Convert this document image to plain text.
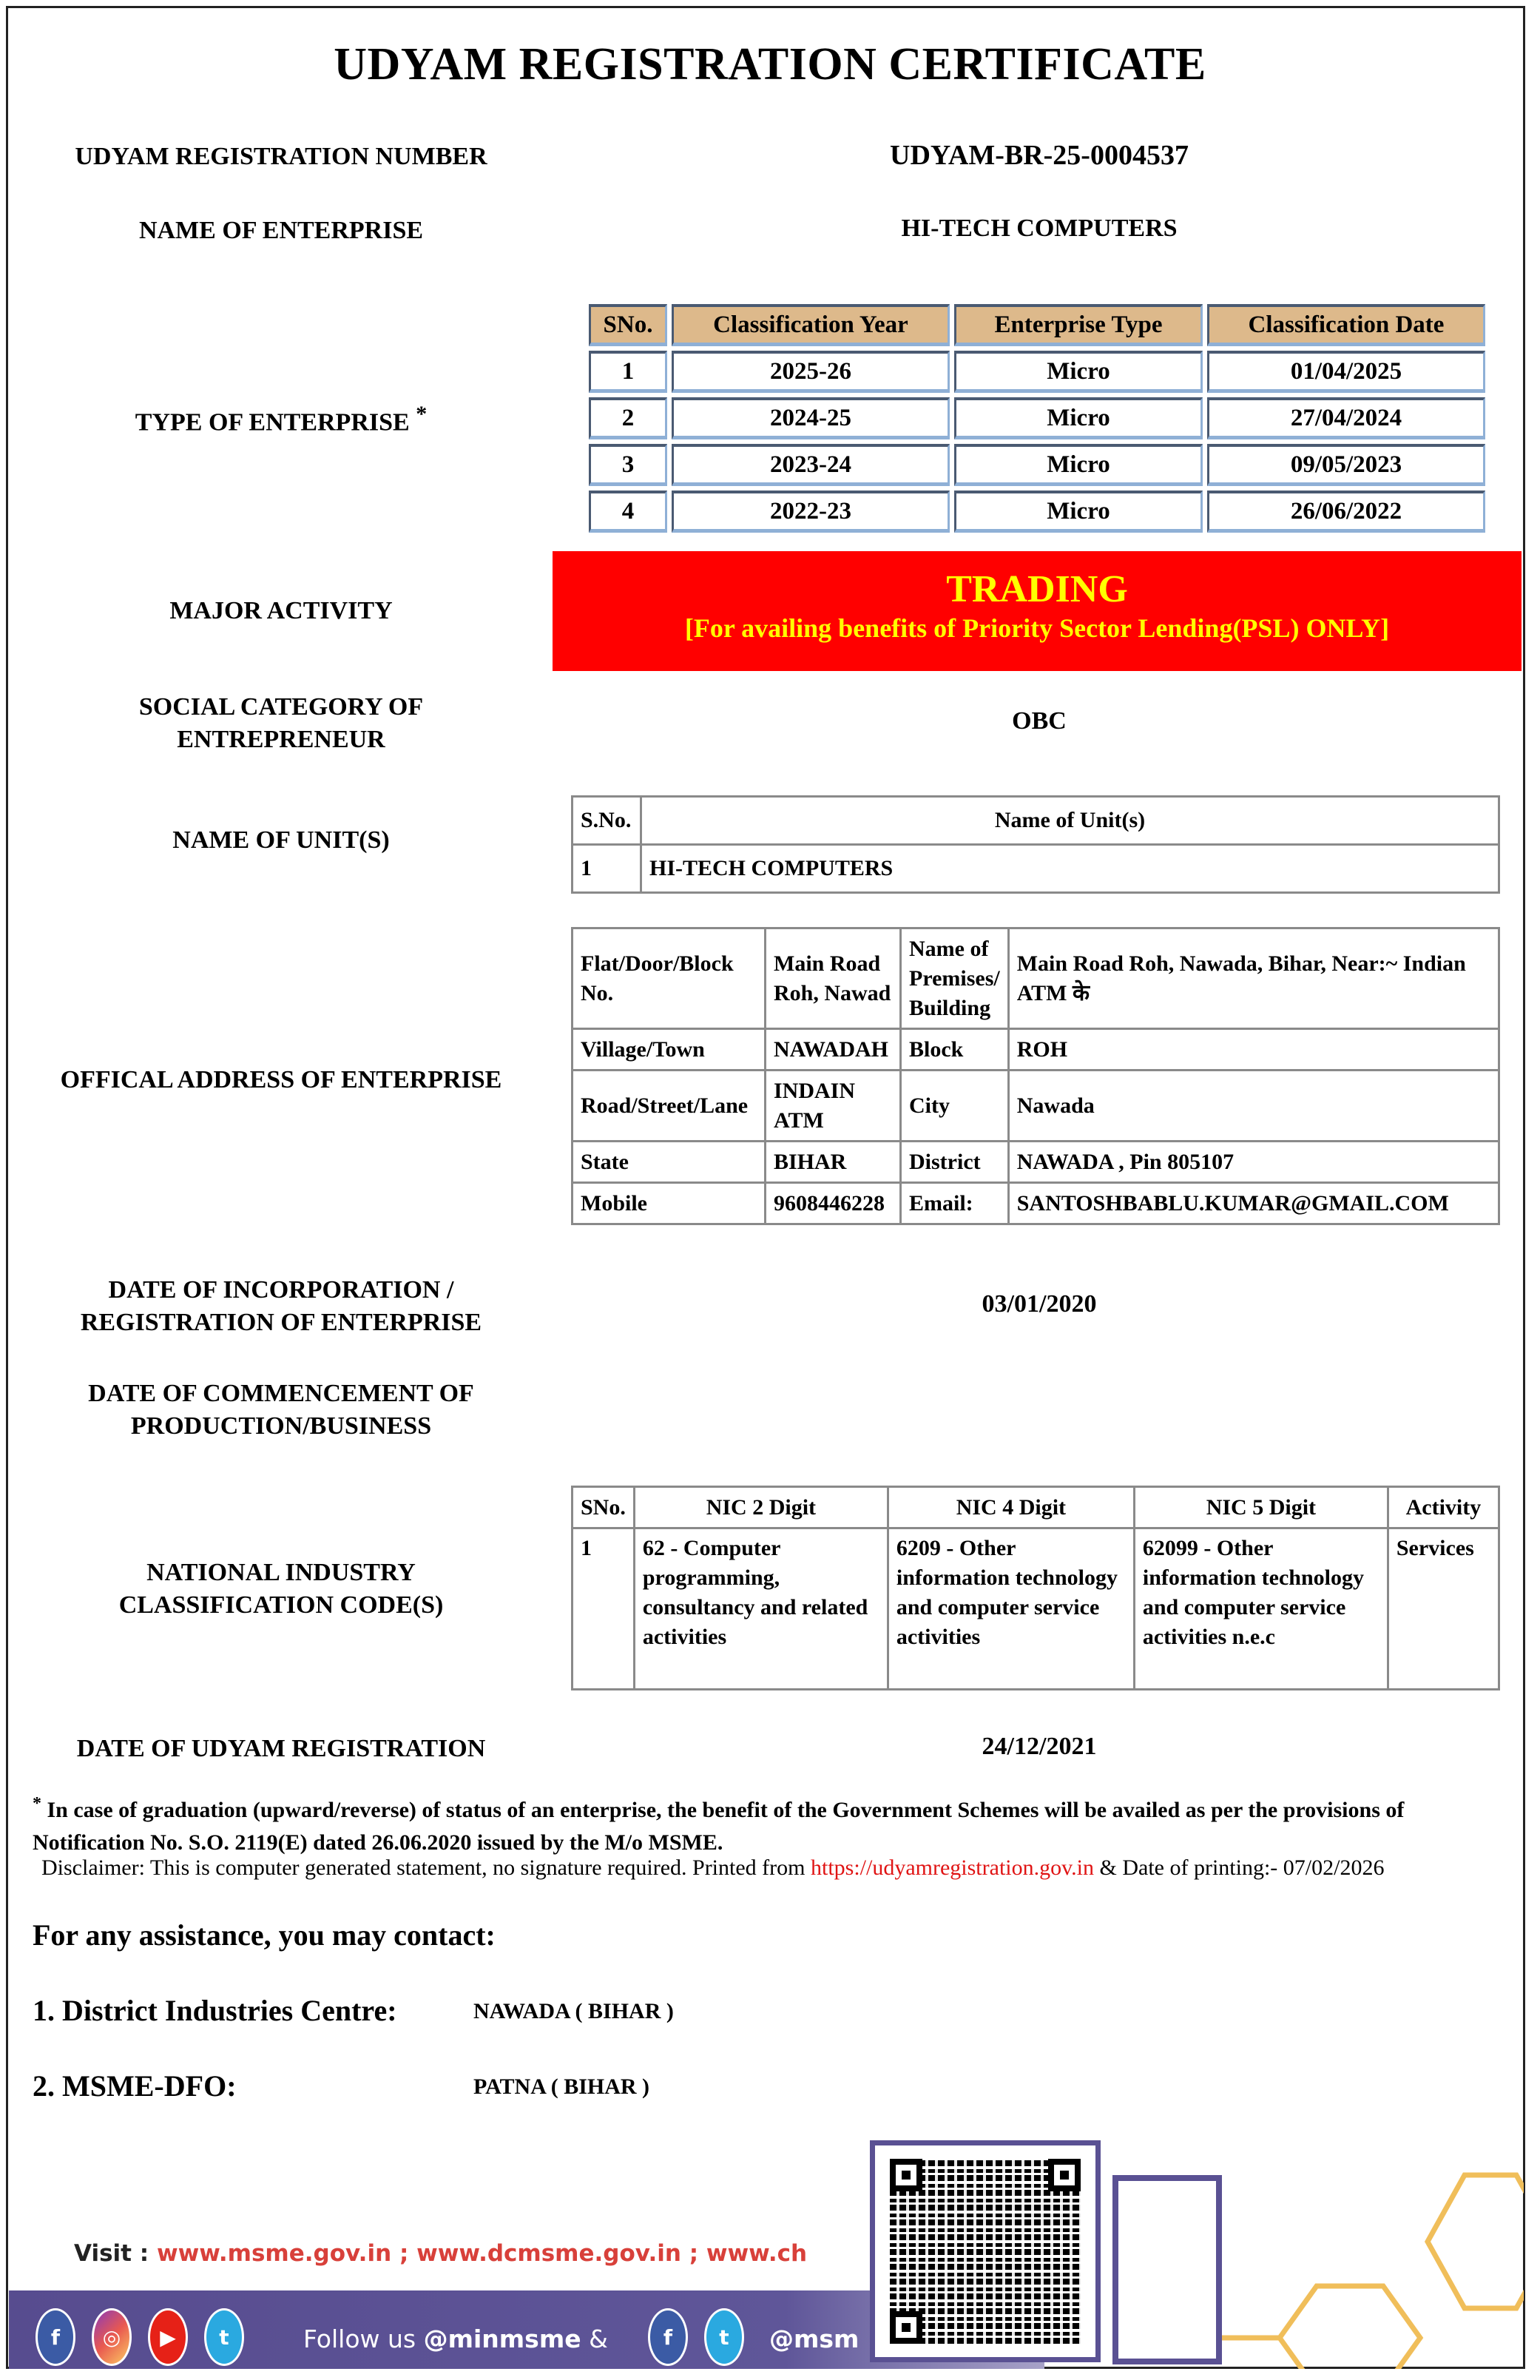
UDYAM REGISTRATION CERTIFICATE
UDYAM REGISTRATION NUMBER	UDYAM-BR-25-0004537
NAME OF ENTERPRISE	HI-TECH COMPUTERS
TYPE OF ENTERPRISE *
SNo.	Classification Year	Enterprise Type	Classification Date
1	2025-26	Micro	01/04/2025
2	2024-25	Micro	27/04/2024
3	2023-24	Micro	09/05/2023
4	2022-23	Micro	26/06/2022
MAJOR ACTIVITY
TRADING
[For availing benefits of Priority Sector Lending(PSL) ONLY]
SOCIAL CATEGORY OF
ENTREPRENEUR
OBC
NAME OF UNIT(S)
S.No.	Name of Unit(s)
1	HI-TECH COMPUTERS
OFFICAL ADDRESS OF ENTERPRISE
Flat/Door/Block No.	Main Road Roh, Nawad	Name of Premises/ Building	Main Road Roh, Nawada, Bihar, Near:~ Indian ATM के
Village/Town	NAWADAH	Block	ROH
Road/Street/Lane	INDAIN ATM	City	Nawada
State	BIHAR	District	NAWADA , Pin 805107
Mobile	9608446228	Email:	SANTOSHBABLU.KUMAR@GMAIL.COM
DATE OF INCORPORATION /
REGISTRATION OF ENTERPRISE
03/01/2020
DATE OF COMMENCEMENT OF
PRODUCTION/BUSINESS
NATIONAL INDUSTRY
CLASSIFICATION CODE(S)
SNo.	NIC 2 Digit	NIC 4 Digit	NIC 5 Digit	Activity
1	62 - Computer programming, consultancy and related activities	6209 - Other information technology and computer service activities	62099 - Other information technology and computer service activities n.e.c	Services
DATE OF UDYAM REGISTRATION	24/12/2021
* In case of graduation (upward/reverse) of status of an enterprise, the benefit of the Government Schemes will be availed as per the provisions of Notification No. S.O. 2119(E) dated 26.06.2020 issued by the M/o MSME.
Disclaimer: This is computer generated statement, no signature required. Printed from https://udyamregistration.gov.in & Date of printing:- 07/02/2026
For any assistance, you may contact:
1. District Industries Centre:	NAWADA ( BIHAR )
2. MSME-DFO:	PATNA ( BIHAR )
Visit : www.msme.gov.in ; www.dcmsme.gov.in ; www.ch
f	◎	▶	t	Follow us @minmsme &	f	t	@msm
